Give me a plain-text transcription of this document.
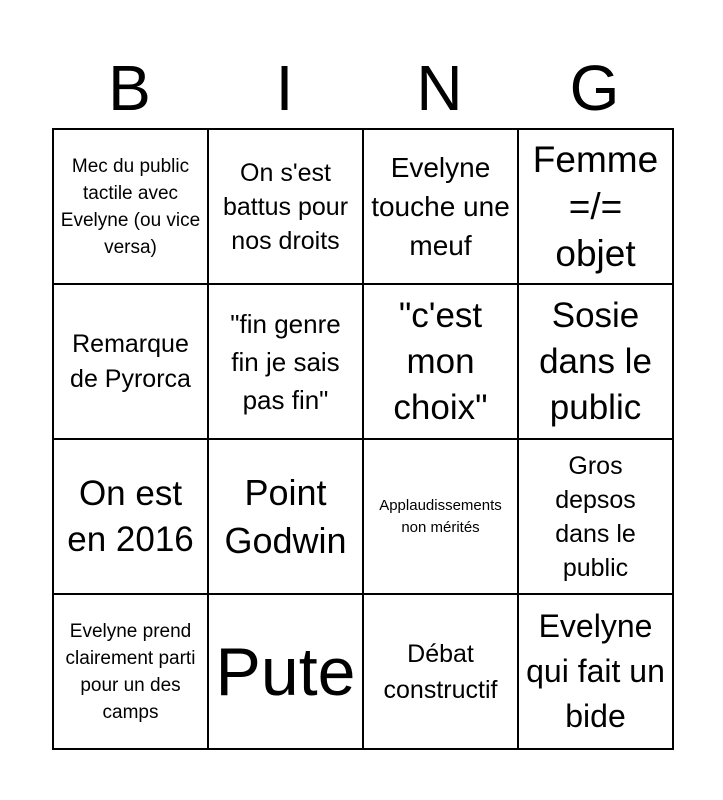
B	I	N	G
Mec du public tactile avec Evelyne (ou vice versa)
On s'est battus pour nos droits
Evelyne touche une meuf
Femme =/= objet
Remarque de Pyrorca
"fin genre fin je sais pas fin"
"c'est mon choix"
Sosie dans le public
On est en 2016
Point Godwin
Applaudissements non mérités
Gros depsos dans le public
Evelyne prend clairement parti pour un des camps
Pute	Débat constructif
Evelyne qui fait un bide
